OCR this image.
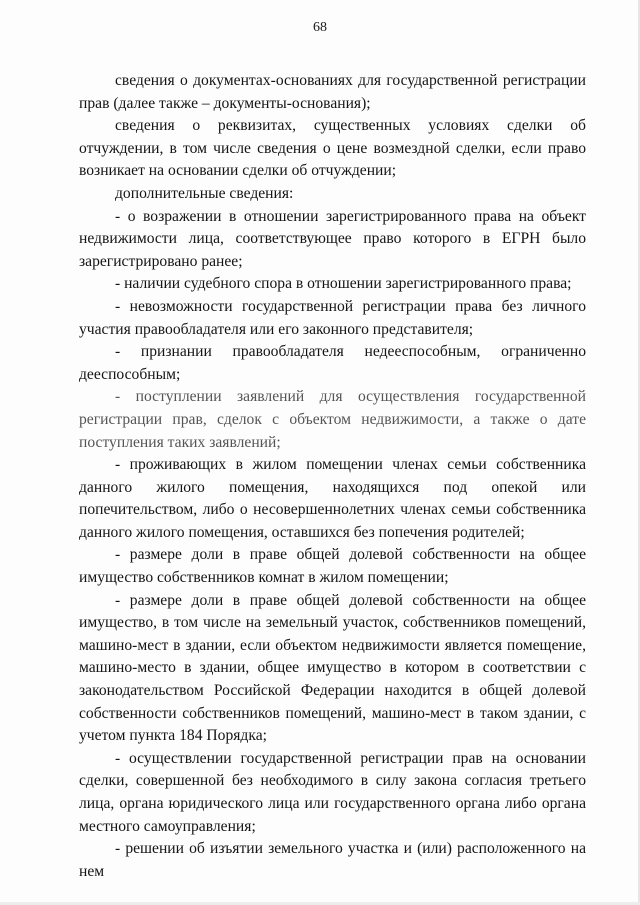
68

сведения о документах-основаниях для государственной регистрации прав (далее также – документы-основания);

сведения о реквизитах, существенных условиях сделки об отчуждении, в том числе сведения о цене возмездной сделки, если право возникает на основании сделки об отчуждении;

дополнительные сведения:

- о возражении в отношении зарегистрированного права на объект недвижимости лица, соответствующее право которого в ЕГРН было зарегистрировано ранее;

- наличии судебного спора в отношении зарегистрированного права;

- невозможности государственной регистрации права без личного участия правообладателя или его законного представителя;

- признании правообладателя недееспособным, ограниченно дееспособным;

- поступлении заявлений для осуществления государственной регистрации прав, сделок с объектом недвижимости, а также о дате поступления таких заявлений;

- проживающих в жилом помещении членах семьи собственника данного жилого помещения, находящихся под опекой или попечительством, либо о несовершеннолетних членах семьи собственника данного жилого помещения, оставшихся без попечения родителей;

- размере доли в праве общей долевой собственности на общее имущество собственников комнат в жилом помещении;

- размере доли в праве общей долевой собственности на общее имущество, в том числе на земельный участок, собственников помещений, машино-мест в здании, если объектом недвижимости является помещение, машино-место в здании, общее имущество в котором в соответствии с законодательством Российской Федерации находится в общей долевой собственности собственников помещений, машино-мест в таком здании, с учетом пункта 184 Порядка;

- осуществлении государственной регистрации прав на основании сделки, совершенной без необходимого в силу закона согласия третьего лица, органа юридического лица или государственного органа либо органа местного самоуправления;

- решении об изъятии земельного участка и (или) расположенного на нем
